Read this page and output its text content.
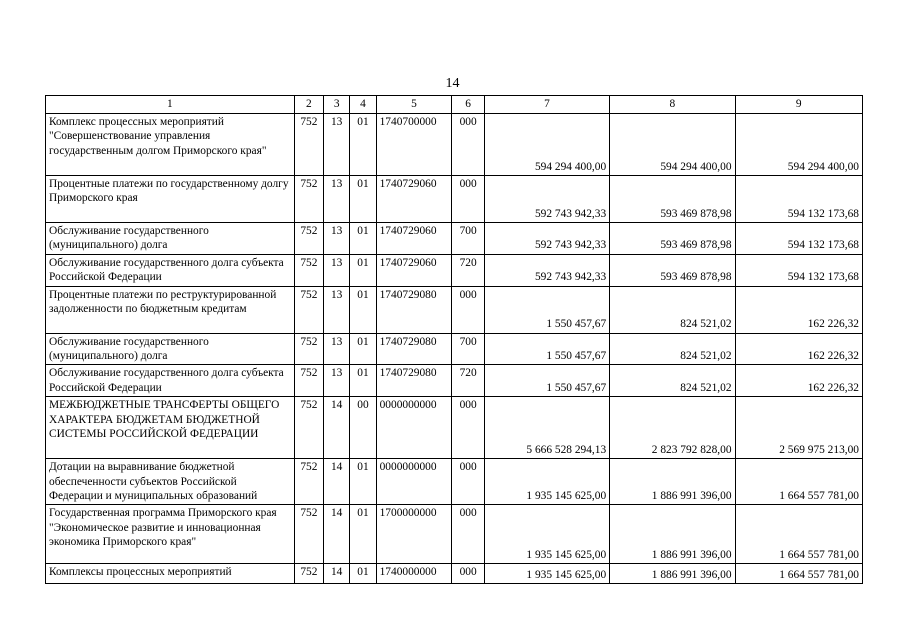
14
1	2	3	4	5	6	7	8	9
Комплекс процессных мероприятий "Совершенствование управления государственным долгом Приморского края"	752	13	01	1740700000	000	594 294 400,00	594 294 400,00	594 294 400,00
Процентные платежи по государственному долгу Приморского края	752	13	01	1740729060	000	592 743 942,33	593 469 878,98	594 132 173,68
Обслуживание государственного (муниципального) долга	752	13	01	1740729060	700	592 743 942,33	593 469 878,98	594 132 173,68
Обслуживание государственного долга субъекта Российской Федерации	752	13	01	1740729060	720	592 743 942,33	593 469 878,98	594 132 173,68
Процентные платежи по реструктурированной задолженности по бюджетным кредитам	752	13	01	1740729080	000	1 550 457,67	824 521,02	162 226,32
Обслуживание государственного (муниципального) долга	752	13	01	1740729080	700	1 550 457,67	824 521,02	162 226,32
Обслуживание государственного долга субъекта Российской Федерации	752	13	01	1740729080	720	1 550 457,67	824 521,02	162 226,32
МЕЖБЮДЖЕТНЫЕ ТРАНСФЕРТЫ ОБЩЕГО ХАРАКТЕРА БЮДЖЕТАМ БЮДЖЕТНОЙ СИСТЕМЫ РОССИЙСКОЙ ФЕДЕРАЦИИ	752	14	00	0000000000	000	5 666 528 294,13	2 823 792 828,00	2 569 975 213,00
Дотации на выравнивание бюджетной обеспеченности субъектов Российской Федерации и муниципальных образований	752	14	01	0000000000	000	1 935 145 625,00	1 886 991 396,00	1 664 557 781,00
Государственная программа Приморского края "Экономическое развитие и инновационная экономика Приморского края"	752	14	01	1700000000	000	1 935 145 625,00	1 886 991 396,00	1 664 557 781,00
Комплексы процессных мероприятий	752	14	01	1740000000	000	1 935 145 625,00	1 886 991 396,00	1 664 557 781,00
